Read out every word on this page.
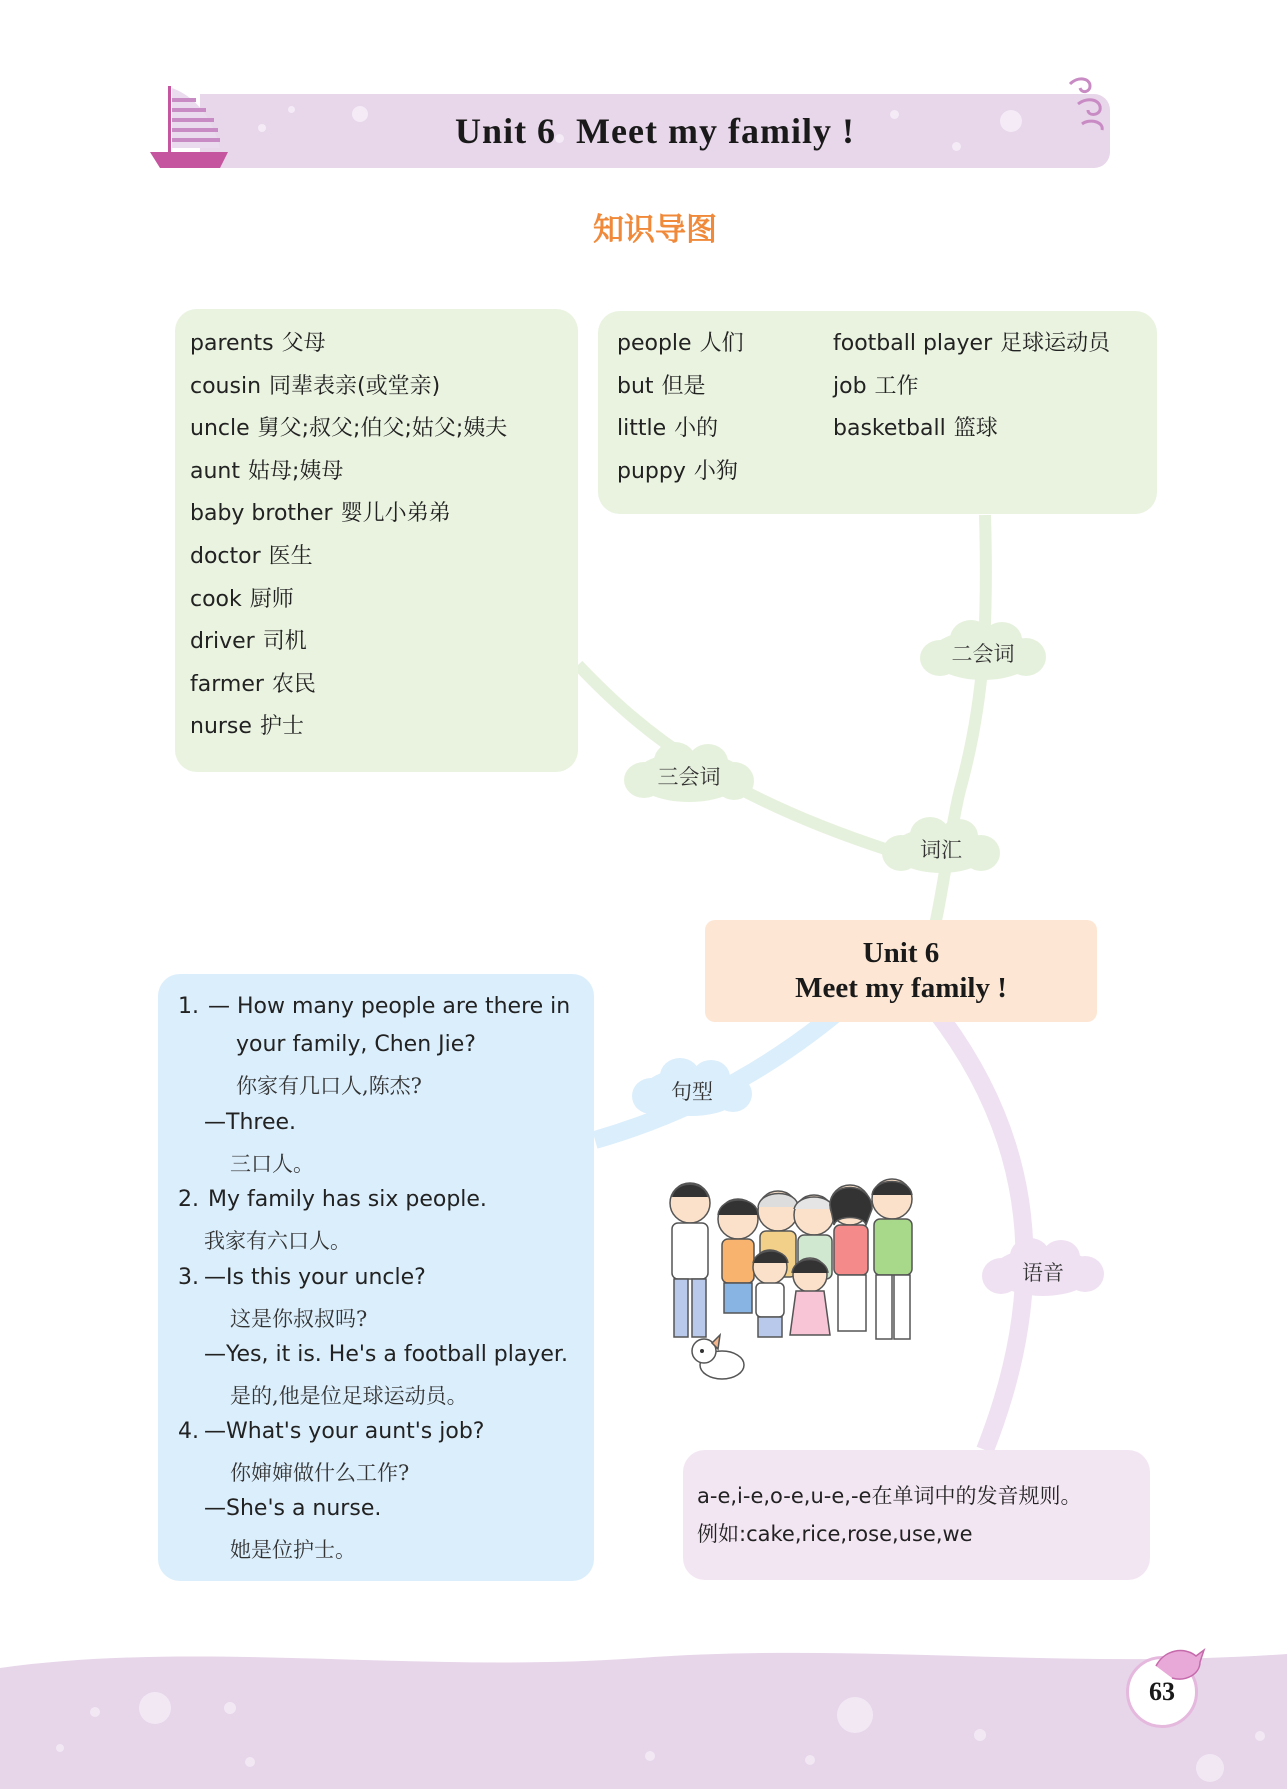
Unit 6  Meet my family !
知识导图
parents 父母
cousin 同辈表亲(或堂亲)
uncle 舅父;叔父;伯父;姑父;姨夫
aunt 姑母;姨母
baby brother 婴儿小弟弟
doctor 医生
cook 厨师
driver 司机
farmer 农民
nurse 护士
people 人们
but 但是
little 小的
puppy 小狗
football player 足球运动员
job 工作
basketball 篮球
Unit 6
Meet my family !
1. — How many people are there in
your family, Chen Jie?
你家有几口人,陈杰?
—Three.
三口人。
2. My family has six people.
我家有六口人。
3. —Is this your uncle?
这是你叔叔吗?
—Yes, it is. He's a football player.
是的,他是位足球运动员。
4. —What's your aunt's job?
你婶婶做什么工作?
—She's a nurse.
她是位护士。
a-e,i-e,o-e,u-e,-e在单词中的发音规则。
例如:cake,rice,rose,use,we
二会词
三会词
词汇
句型
语音
63
